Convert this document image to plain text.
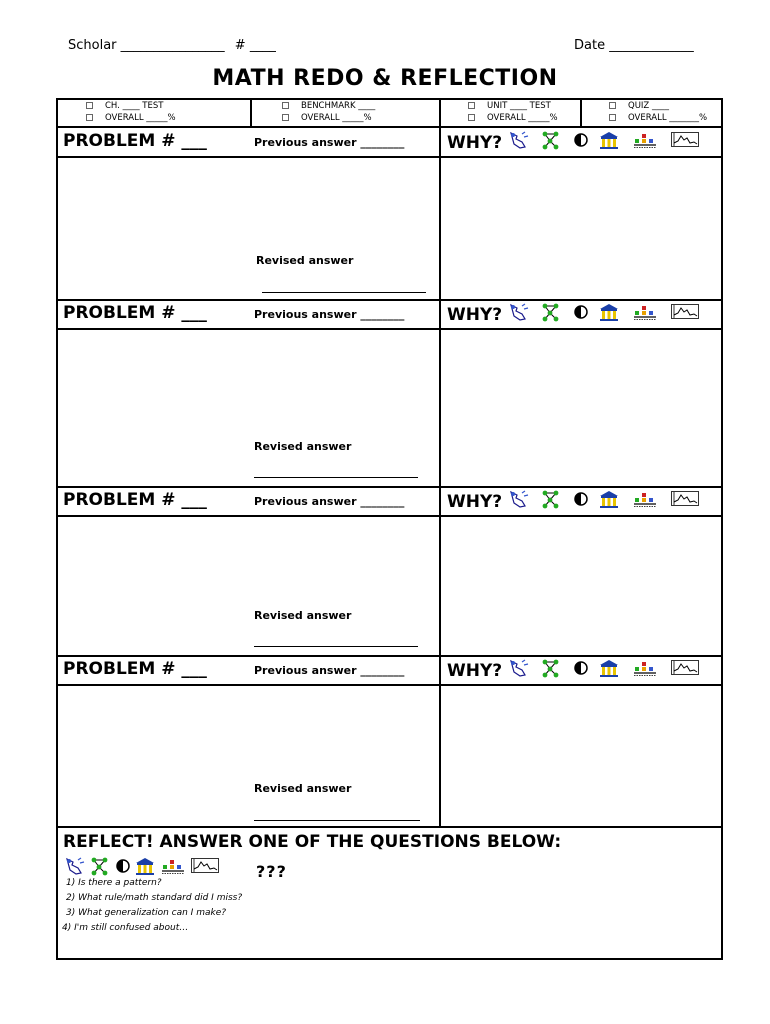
Scholar ________________ # ____	Date _____________
MATH REDO & REFLECTION
CH. ____ TEST
OVERALL _____%
BENCHMARK ____
OVERALL _____%
UNIT ____ TEST
OVERALL _____%
QUIZ ____
OVERALL _______%
PROBLEM # ___	Previous answer ________	WHY?
Revised answer
PROBLEM # ___	Previous answer ________	WHY?
Revised answer
PROBLEM # ___	Previous answer ________	WHY?
Revised answer
PROBLEM # ___	Previous answer ________	WHY?
Revised answer
REFLECT! ANSWER ONE OF THE QUESTIONS BELOW:
???
1) Is there a pattern?
2) What rule/math standard did I miss?
3) What generalization can I make?
4) I'm still confused about…
